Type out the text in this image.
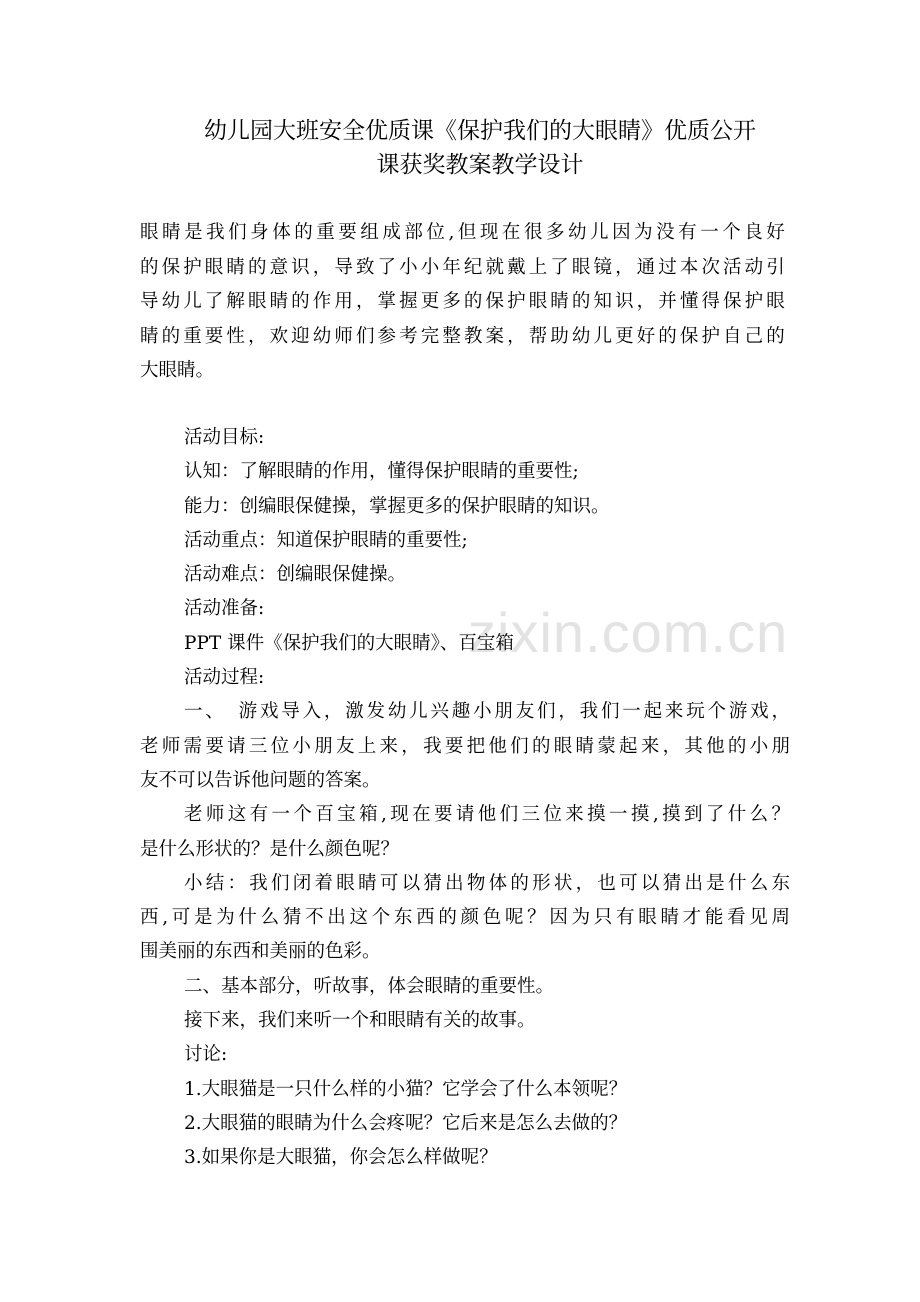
zixin.com.cn
幼儿园大班安全优质课《保护我们的大眼睛》优质公开
课获奖教案教学设计
眼 睛 是 我 们 身 体 的 重 要 组 成 部 位 , 但 现 在 很 多 幼 儿 因 为 没 有 一 个 良 好
的 保 护 眼 睛 的 意 识 ， 导 致 了 小 小 年 纪 就 戴 上 了 眼 镜 ， 通 过 本 次 活 动 引
导 幼 儿 了 解 眼 睛 的 作 用 ， 掌 握 更 多 的 保 护 眼 睛 的 知 识 ， 并 懂 得 保 护 眼
睛 的 重 要 性 ， 欢 迎 幼 师 们 参 考 完 整 教 案 ， 帮 助 幼 儿 更 好 的 保 护 自 己 的
大眼睛。
活动目标:
认知：了解眼睛的作用，懂得保护眼睛的重要性;
能力：创编眼保健操，掌握更多的保护眼睛的知识。
活动重点：知道保护眼睛的重要性;
活动难点：创编眼保健操。
活动准备:
PPT 课件《保护我们的大眼睛》、百宝箱
活动过程:
一、　游戏导入，激发幼儿兴趣小朋友们，我们一起来玩个游戏，
老师需要请三位小朋友上来，我要把他们的眼睛蒙起来，其他的小朋
友不可以告诉他问题的答案。
老师这有一个百宝箱,现在要请他们三位来摸一摸,摸到了什么？
是什么形状的？是什么颜色呢？
小结：我们闭着眼睛可以猜出物体的形状，也可以猜出是什么东
西,可是为什么猜不出这个东西的颜色呢？因为只有眼睛才能看见周
围美丽的东西和美丽的色彩。
二、基本部分，听故事，体会眼睛的重要性。
接下来，我们来听一个和眼睛有关的故事。
讨论:
1.大眼猫是一只什么样的小猫？它学会了什么本领呢？
2.大眼猫的眼睛为什么会疼呢？它后来是怎么去做的？
3.如果你是大眼猫，你会怎么样做呢？
